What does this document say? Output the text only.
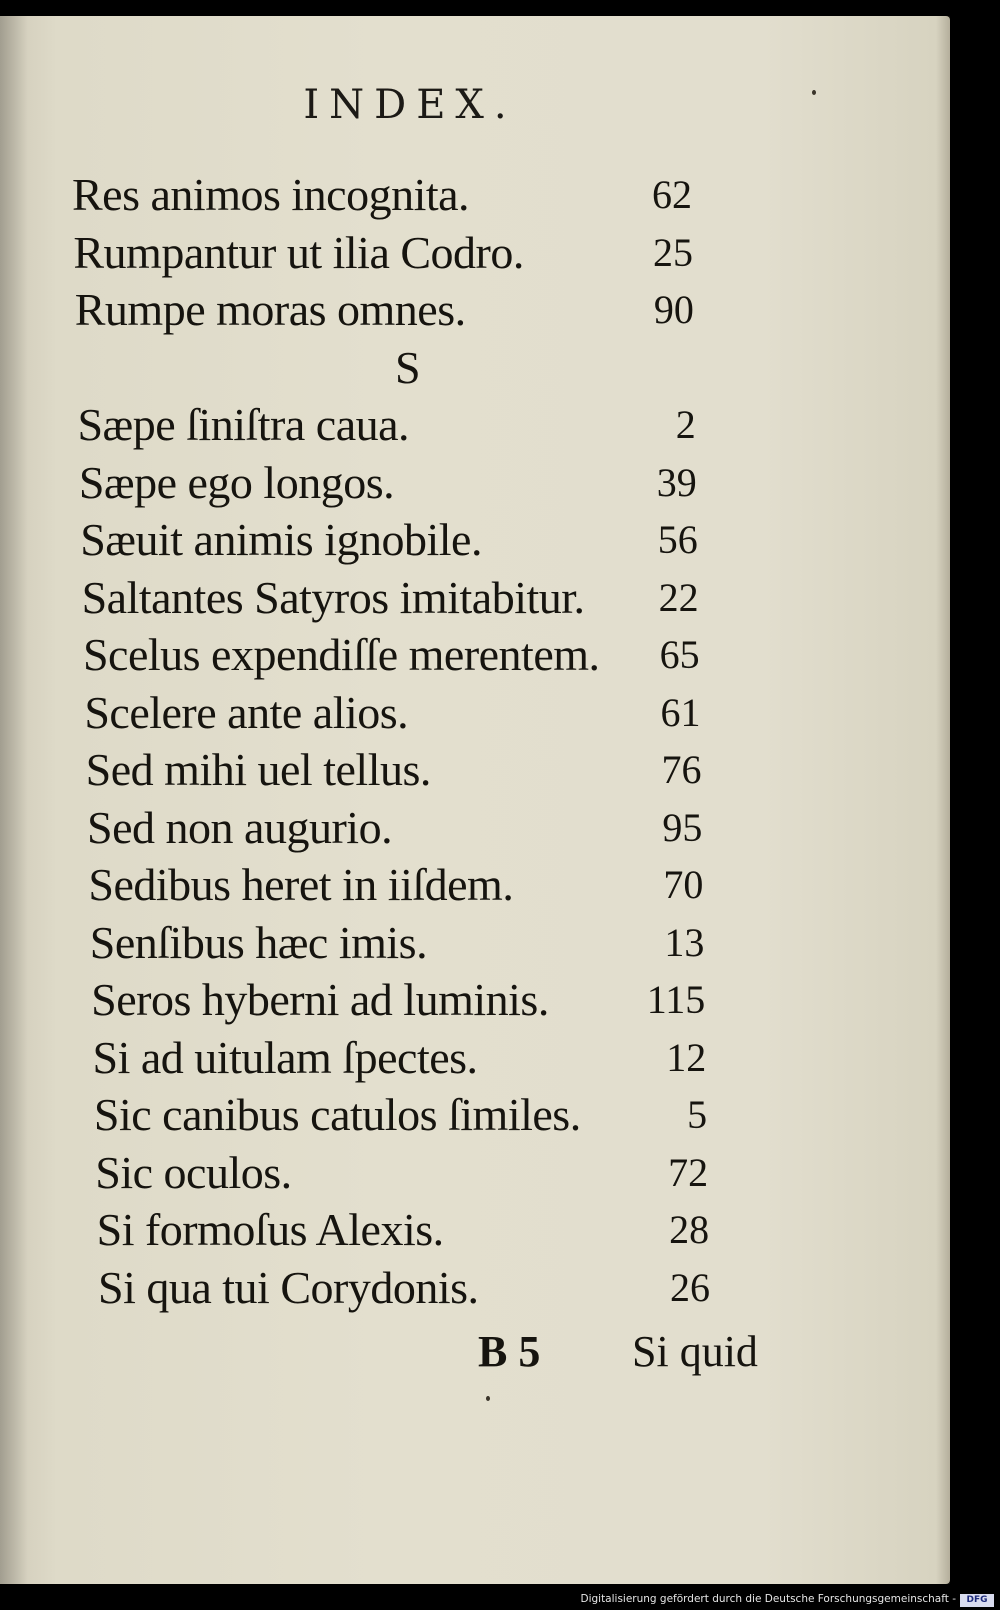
INDEX.
Res animos incognita.	62
Rumpantur ut ilia Codro.	25
Rumpe moras omnes.	90
S
Sæpe ſiniſtra caua.	2
Sæpe ego longos.	39
Sæuit animis ignobile.	56
Saltantes Satyros imitabitur. 22
Scelus expendiſſe merentem. 65
Scelere ante alios.	61
Sed mihi uel tellus.	76
Sed non augurio.	95
Sedibus heret in iiſdem.	70
Senſibus hæc imis.	13
Seros hyberni ad luminis. 115
Si ad uitulam ſpectes.	12
Sic canibus catulos ſimiles.	5
Sic oculos.	72
Si formoſus Alexis.	28
Si qua tui Corydonis.	26
B 5 Si quid
Digitalisierung gefördert durch die Deutsche Forschungsgemeinschaft -	DFG
